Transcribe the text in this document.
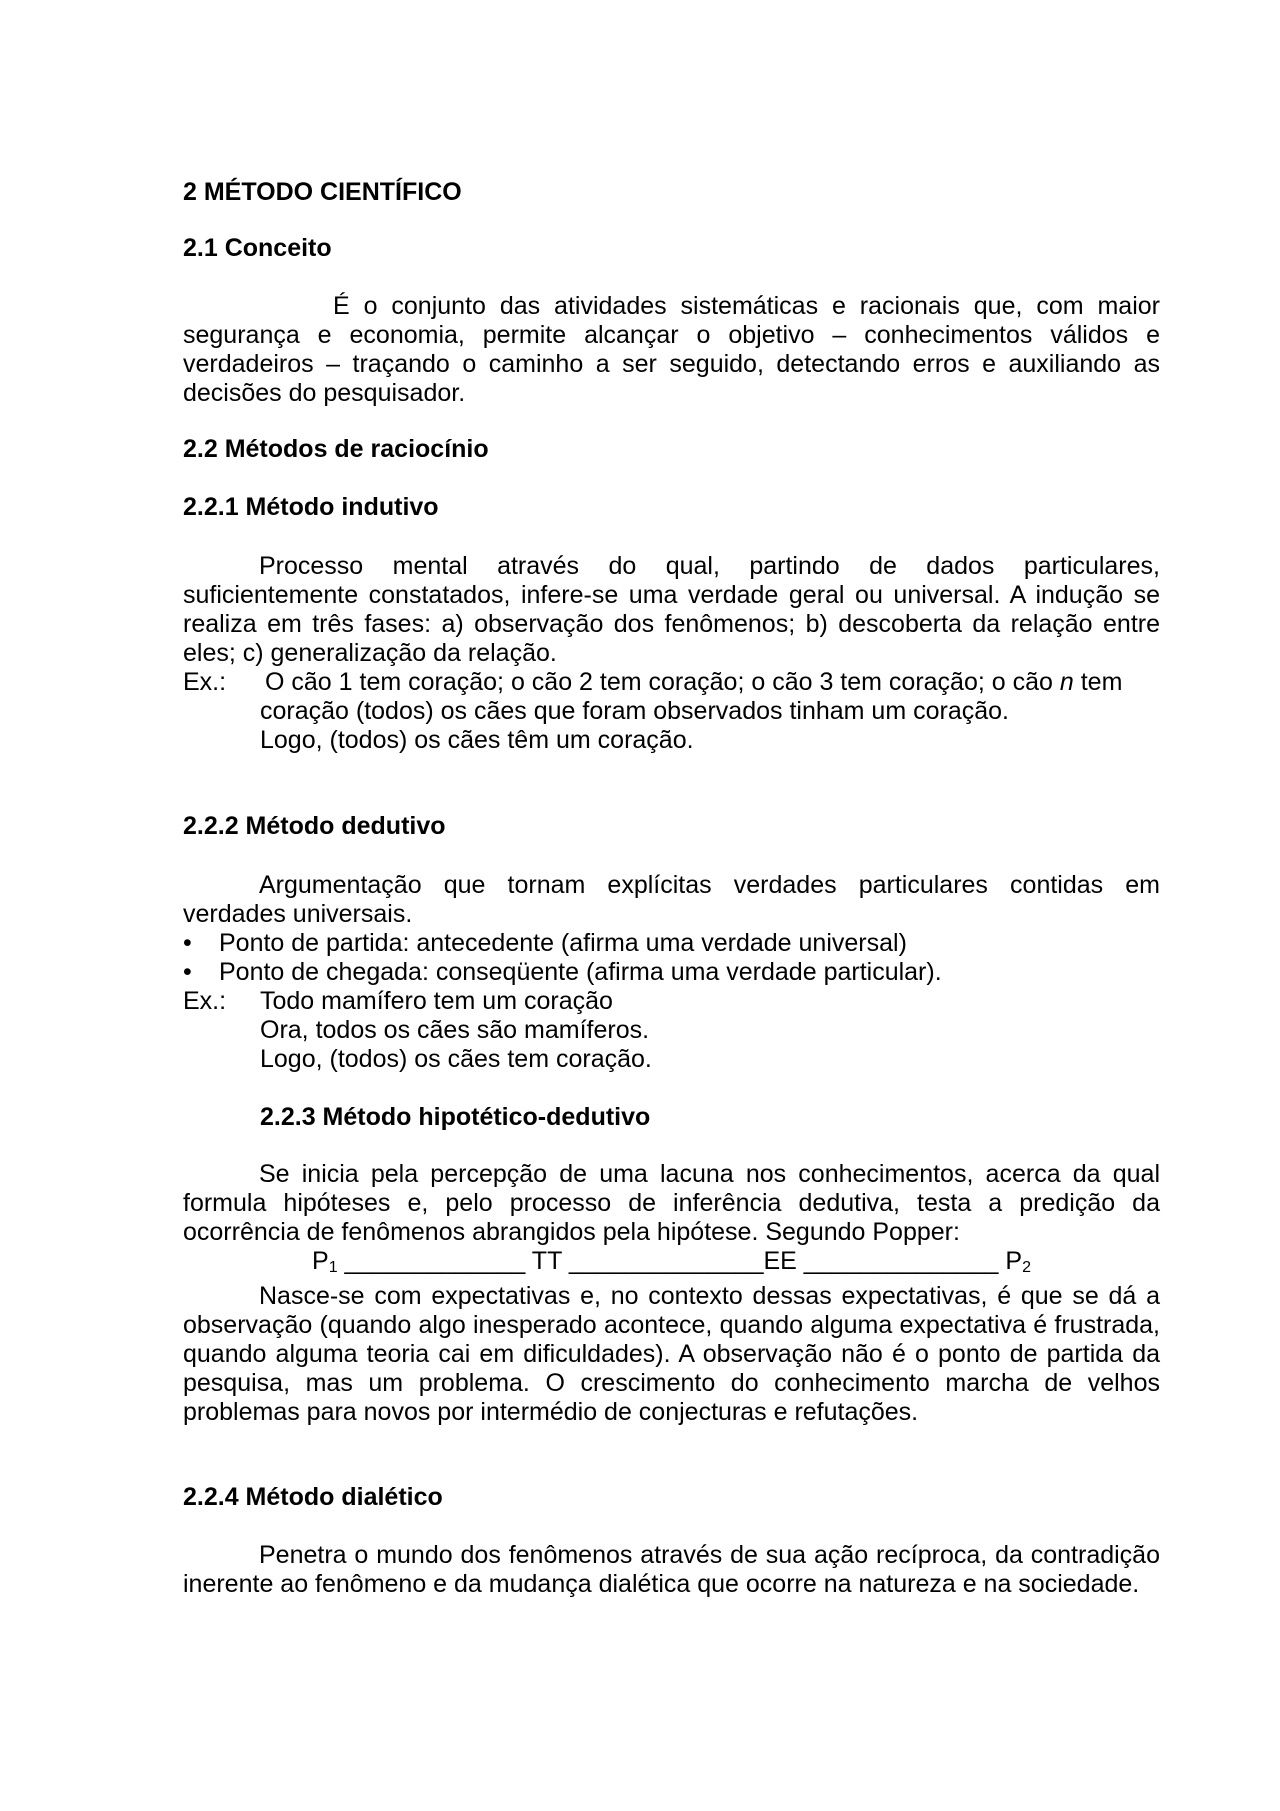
2 MÉTODO CIENTÍFICO
2.1 Conceito
É o conjunto das atividades sistemáticas e racionais que, com maior segurança e economia, permite alcançar o objetivo – conhecimentos válidos e verdadeiros – traçando o caminho a ser seguido, detectando erros e auxiliando as decisões do pesquisador.
2.2 Métodos de raciocínio
2.2.1 Método indutivo
Processo mental através do qual, partindo de dados particulares, suficientemente constatados, infere-se uma verdade geral ou universal. A indução se realiza em três fases: a) observação dos fenômenos; b) descoberta da relação entre eles; c) generalização da relação.
Ex.:	O cão 1 tem coração; o cão 2 tem coração; o cão 3 tem coração; o cão n tem coração (todos) os cães que foram observados tinham um coração.
Logo, (todos) os cães têm um coração.
2.2.2 Método dedutivo
Argumentação que tornam explícitas verdades particulares contidas em verdades universais.
•	Ponto de partida: antecedente (afirma uma verdade universal)
•	Ponto de chegada: conseqüente (afirma uma verdade particular).
Ex.:	Todo mamífero tem um coração
Ora, todos os cães são mamíferos.
Logo, (todos) os cães tem coração.
2.2.3 Método hipotético-dedutivo
Se inicia pela percepção de uma lacuna nos conhecimentos, acerca da qual formula hipóteses e, pelo processo de inferência dedutiva, testa a predição da ocorrência de fenômenos abrangidos pela hipótese. Segundo Popper:
$P_1$ _____________ TT ______________EE ______________ $P_2$
Nasce-se com expectativas e, no contexto dessas expectativas, é que se dá a observação (quando algo inesperado acontece, quando alguma expectativa é frustrada, quando alguma teoria cai em dificuldades). A observação não é o ponto de partida da pesquisa, mas um problema. O crescimento do conhecimento marcha de velhos problemas para novos por intermédio de conjecturas e refutações.
2.2.4 Método dialético
Penetra o mundo dos fenômenos através de sua ação recíproca, da contradição inerente ao fenômeno e da mudança dialética que ocorre na natureza e na sociedade.
